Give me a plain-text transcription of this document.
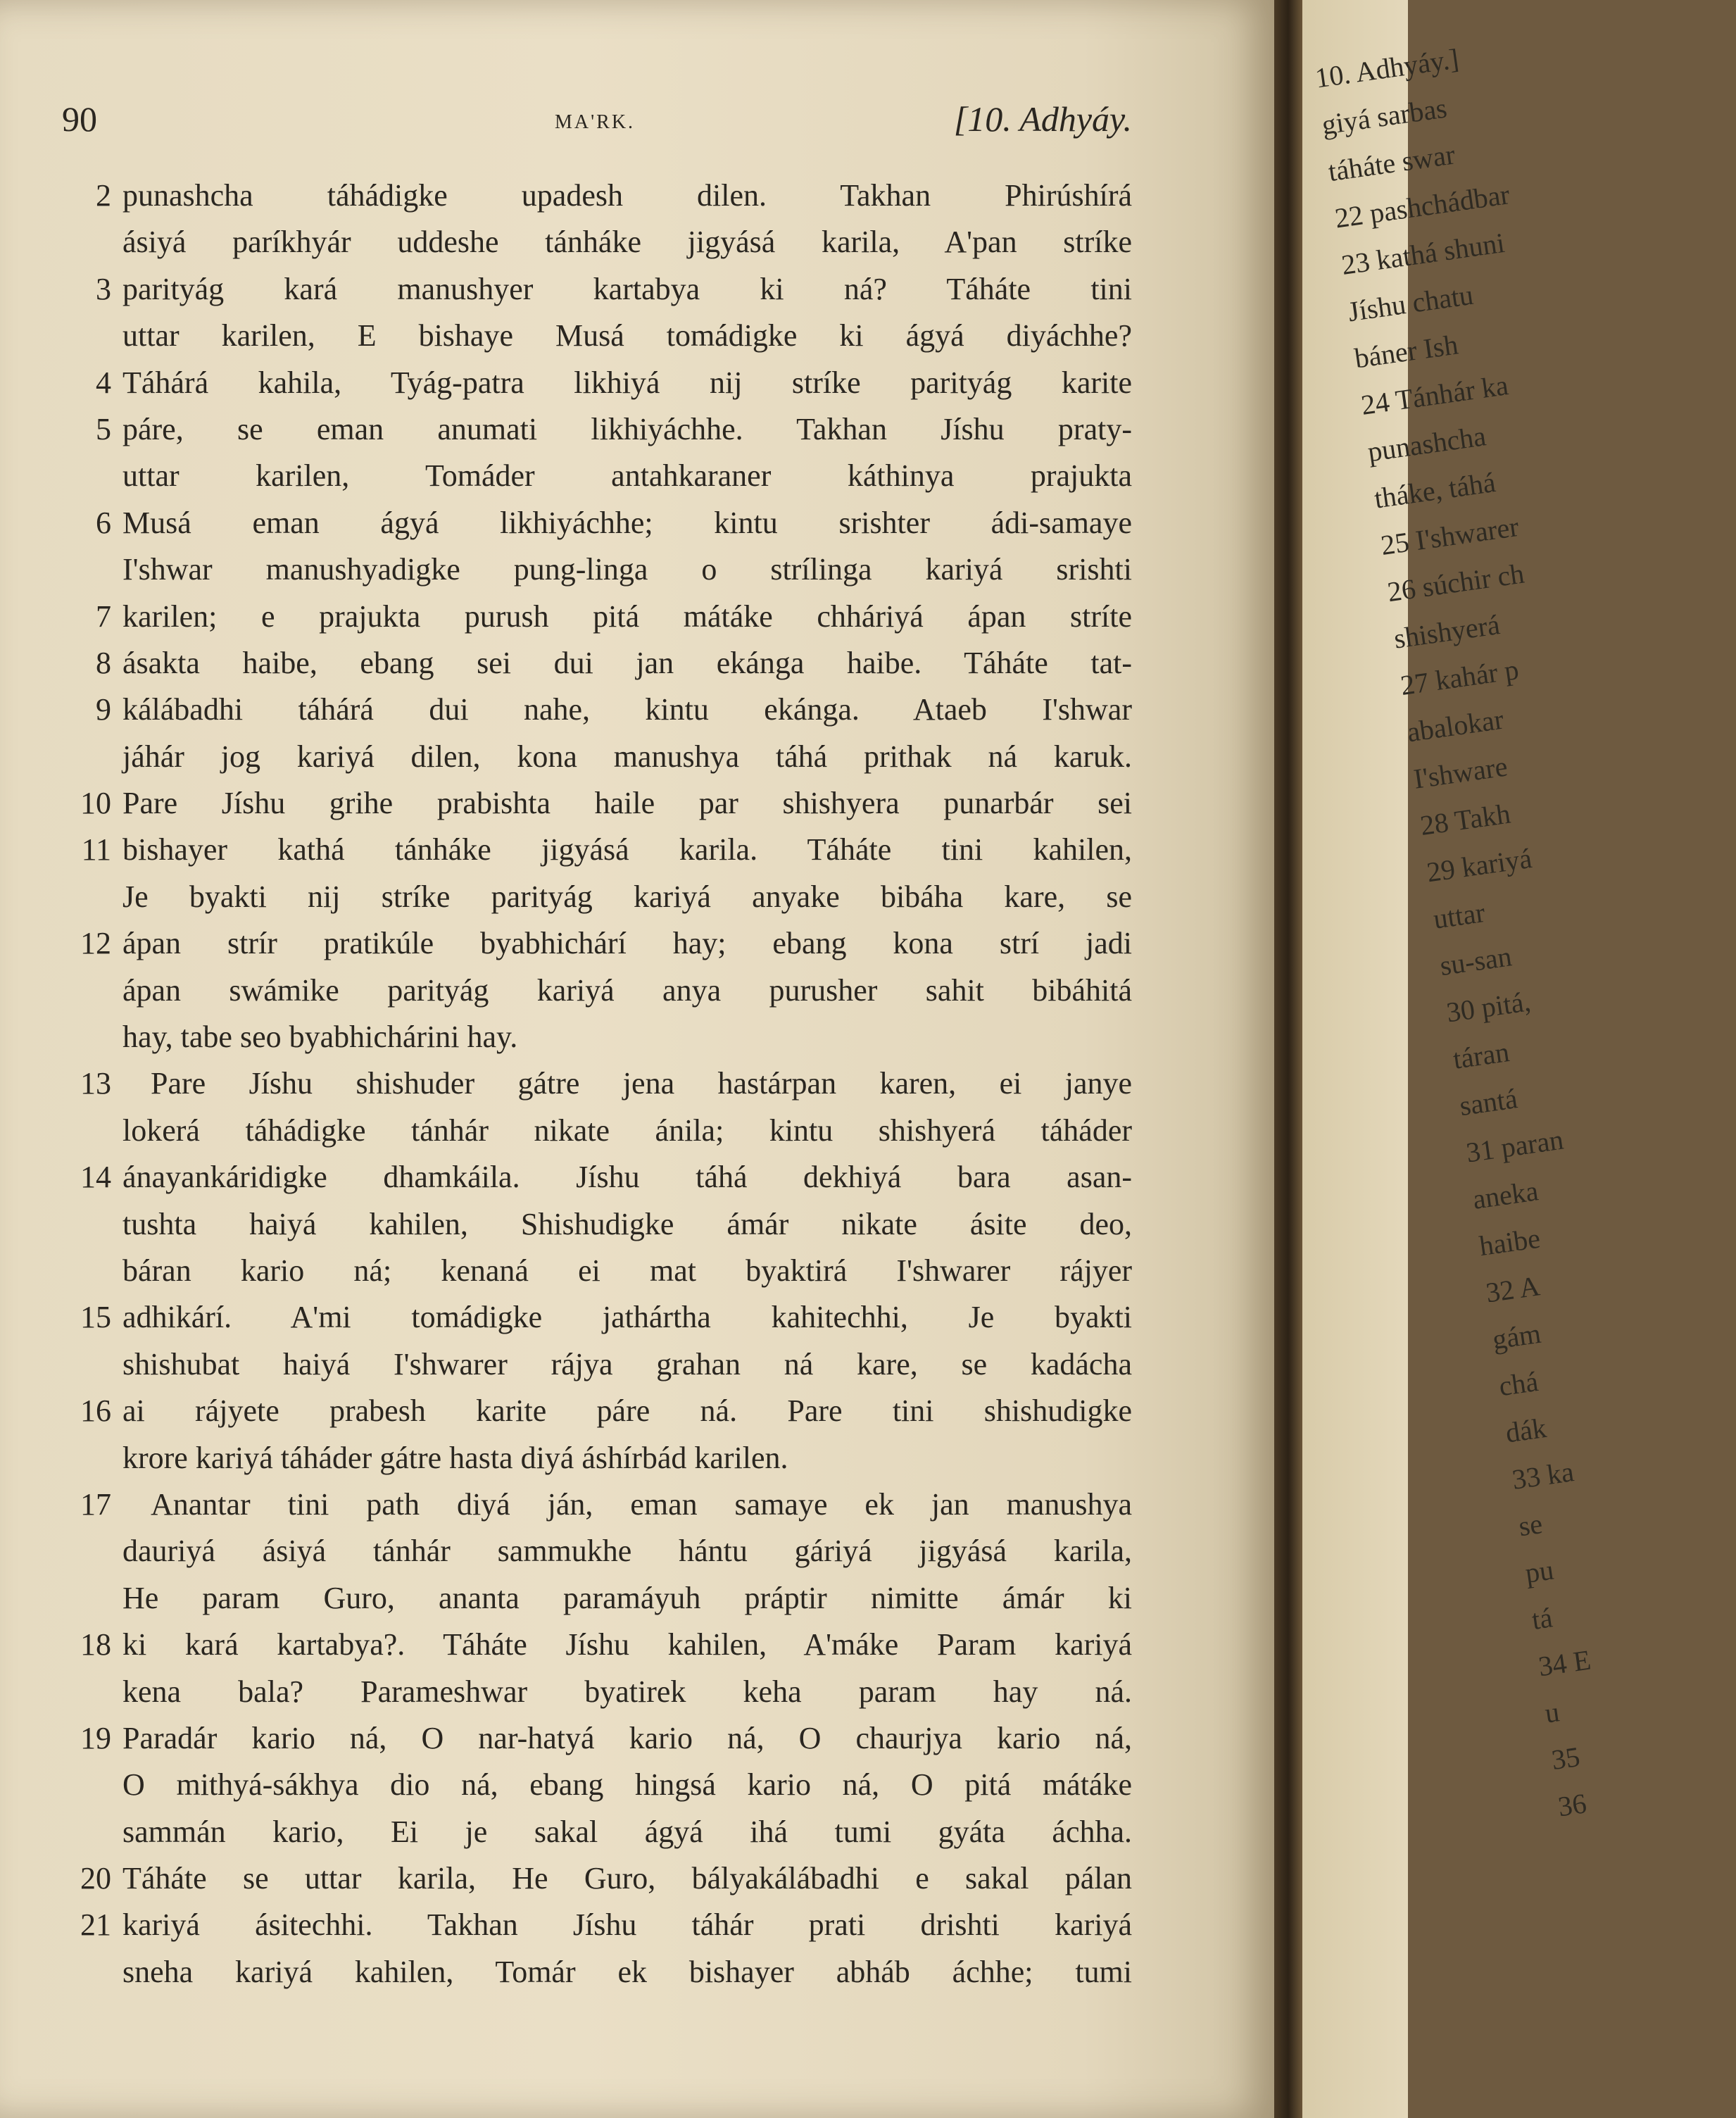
90	MA'RK.	[10. Adhyáy.
2 punashcha táhádigke upadesh dilen. Takhan Phirúshírá
ásiyá paríkhyár uddeshe tánháke jigyásá karila, A'pan stríke
3 parityág kará manushyer kartabya ki ná? Táháte tini
uttar karilen, E bishaye Musá tomádigke ki ágyá diyáchhe?
4 Táhárá kahila, Tyág-patra likhiyá nij stríke parityág karite
5 páre, se eman anumati likhiyáchhe. Takhan Jíshu praty-
uttar karilen, Tomáder antahkaraner káthinya prajukta
6 Musá eman ágyá likhiyáchhe; kintu srishter ádi-samaye
I'shwar manushyadigke pung-linga o strílinga kariyá srishti
7 karilen; e prajukta purush pitá mátáke chháriyá ápan stríte
8 ásakta haibe, ebang sei dui jan ekánga haibe. Táháte tat-
9 kálábadhi táhárá dui nahe, kintu ekánga. Ataeb I'shwar
jáhár jog kariyá dilen, kona manushya táhá prithak ná karuk.
10 Pare Jíshu grihe prabishta haile par shishyera punarbár sei
11 bishayer kathá tánháke jigyásá karila. Táháte tini kahilen,
Je byakti nij stríke parityág kariyá anyake bibáha kare, se
12 ápan strír pratikúle byabhichárí hay; ebang kona strí jadi
ápan swámike parityág kariyá anya purusher sahit bibáhitá
hay, tabe seo byabhichárini hay.
13 Pare Jíshu shishuder gátre jena hastárpan karen, ei janye
lokerá táhádigke tánhár nikate ánila; kintu shishyerá táháder
14 ánayankáridigke dhamkáila. Jíshu táhá dekhiyá bara asan-
tushta haiyá kahilen, Shishudigke ámár nikate ásite deo,
báran kario ná; kenaná ei mat byaktirá I'shwarer rájyer
15 adhikárí. A'mi tomádigke jathártha kahitechhi, Je byakti
shishubat haiyá I'shwarer rájya grahan ná kare, se kadácha
16 ai rájyete prabesh karite páre ná. Pare tini shishudigke
krore kariyá táháder gátre hasta diyá áshírbád karilen.
17 Anantar tini path diyá ján, eman samaye ek jan manushya
dauriyá ásiyá tánhár sammukhe hántu gáriyá jigyásá karila,
He param Guro, ananta paramáyuh práptir nimitte ámár ki
18 ki kará kartabya?. Táháte Jíshu kahilen, A'máke Param kariyá
kena bala? Parameshwar byatirek keha param hay ná.
19 Paradár kario ná, O nar-hatyá kario ná, O chaurjya kario ná,
O mithyá-sákhya dio ná, ebang hingsá kario ná, O pitá mátáke
sammán kario, Ei je sakal ágyá ihá tumi gyáta áchha.
20 Táháte se uttar karila, He Guro, bályakálábadhi e sakal pálan
21 kariyá ásitechhi. Takhan Jíshu táhár prati drishti kariyá
sneha kariyá kahilen, Tomár ek bishayer abháb áchhe; tumi
10. Adhyáy.]
giyá sarbas
táháte swar
22 pashchádbar
23 kathá shuni
Jíshu chatu
báner Ish
24 Tánhár ka
punashcha
tháke, táhá
25 I'shwarer
26 súchir ch
shishyerá
27 kahár p
abalokar
I'shware
28 Takh
29 kariyá
uttar
su-san
30 pitá,
táran
santá
31 paran
aneka
haibe
32 A
gám
chá
dák
33 ka
se
pu
tá
34 E
u
35
36
